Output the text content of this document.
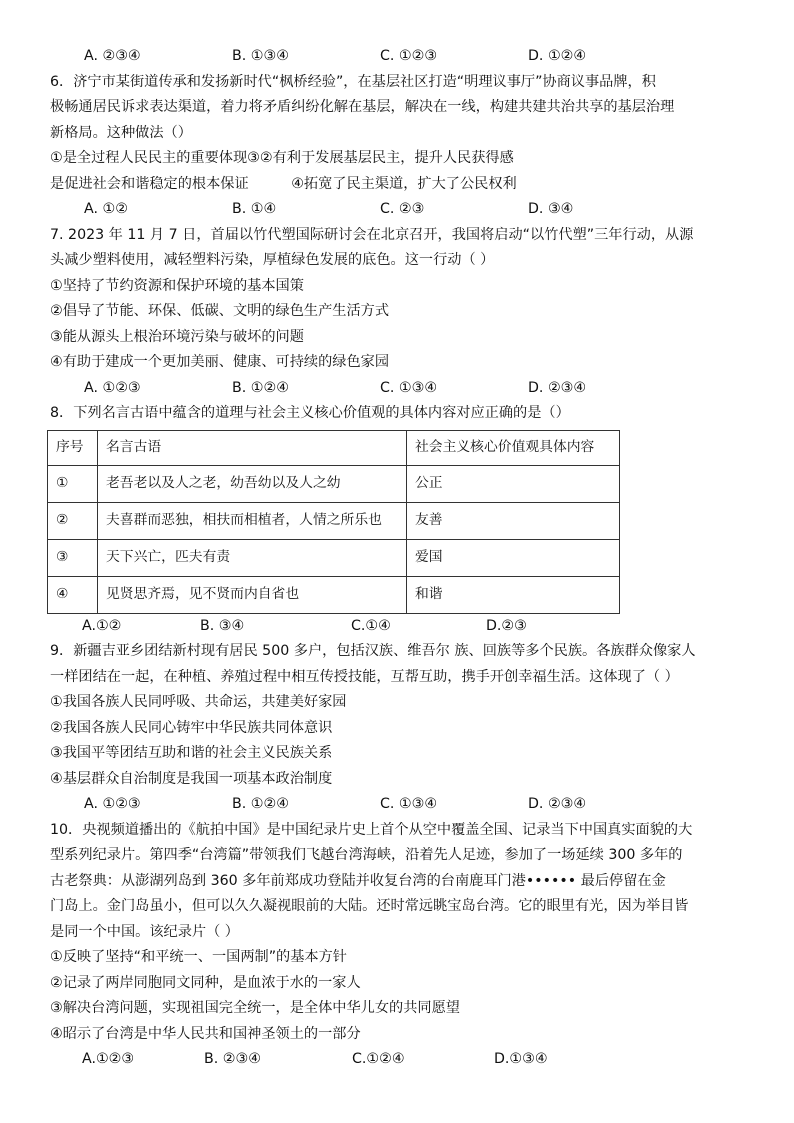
A. ②③④	B. ①③④	C. ①②③	D. ①②④
6．济宁市某街道传承和发扬新时代“枫桥经验”，在基层社区打造“明理议事厅”协商议事品牌，积
极畅通居民诉求表达渠道，着力将矛盾纠纷化解在基层，解决在一线，构建共建共治共享的基层治理
新格局。这种做法（）
①是全过程人民民主的重要体现③②有利于发展基层民主，提升人民获得感
是促进社会和谐稳定的根本保证　　　④拓宽了民主渠道，扩大了公民权利
A. ①②	B. ①④	C. ②③	D. ③④
7. 2023 年 11 月 7 日，首届以竹代塑国际研讨会在北京召开，我国将启动“以竹代塑”三年行动，从源
头减少塑料使用，减轻塑料污染，厚植绿色发展的底色。这一行动（ ）
①坚持了节约资源和保护环境的基本国策
②倡导了节能、环保、低碳、文明的绿色生产生活方式
③能从源头上根治环境污染与破坏的问题
④有助于建成一个更加美丽、健康、可持续的绿色家园
A. ①②③	B. ①②④	C. ①③④	D. ②③④
8．下列名言古语中蕴含的道理与社会主义核心价值观的具体内容对应正确的是（）
序号	名言古语	社会主义核心价值观具体内容
①	老吾老以及人之老，幼吾幼以及人之幼	公正
②	夫喜群而恶独，相扶而相植者，人情之所乐也	友善
③	天下兴亡，匹夫有责	爱国
④	见贤思齐焉，见不贤而内自省也	和谐
A.①②	B. ③④	C.①④	D.②③
9．新疆吉亚乡团结新村现有居民 500 多户，包括汉族、维吾尔 族、回族等多个民族。各族群众像家人
一样团结在一起，在种植、养殖过程中相互传授技能，互帮互助，携手开创幸福生活。这体现了（ ）
①我国各族人民同呼吸、共命运，共建美好家园
②我国各族人民同心铸牢中华民族共同体意识
③我国平等团结互助和谐的社会主义民族关系
④基层群众自治制度是我国一项基本政治制度
A. ①②③	B. ①②④	C. ①③④	D. ②③④
10．央视频道播出的《航拍中国》是中国纪录片史上首个从空中覆盖全国、记录当下中国真实面貌的大
型系列纪录片。第四季“台湾篇”带领我们飞越台湾海峡，沿着先人足迹，参加了一场延续 300 多年的
古老祭典：从澎湖列岛到 360 多年前郑成功登陆并收复台湾的台南鹿耳门港•••••• 最后停留在金
门岛上。金门岛虽小，但可以久久凝视眼前的大陆。还时常远眺宝岛台湾。它的眼里有光，因为举目皆
是同一个中国。该纪录片（ ）
①反映了坚持“和平统一、一国两制”的基本方针
②记录了两岸同胞同文同种，是血浓于水的一家人
③解决台湾问题，实现祖国完全统一，是全体中华儿女的共同愿望
④昭示了台湾是中华人民共和国神圣领土的一部分
A.①②③	B. ②③④	C.①②④	D.①③④
